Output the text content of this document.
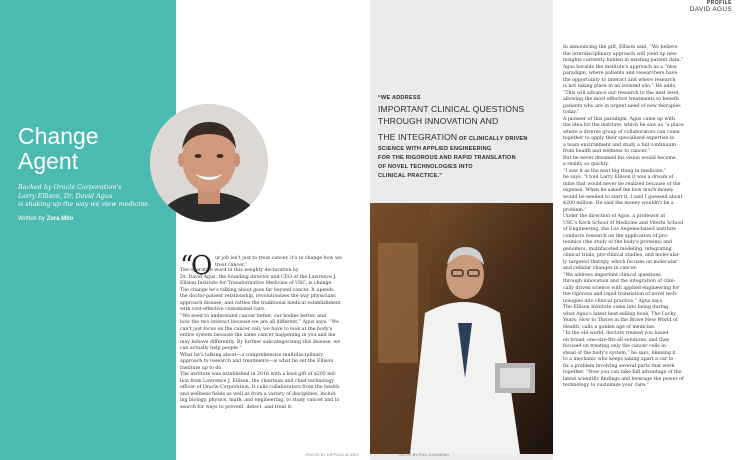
Change
Agent
Backed by Oracle Corporation's
Larry Ellison, Dr. David Agus
is shaking up the way we view medicine.
Written by Zora Milo
“
O ur job isn't just to treat cancer, it's to change how we
treat cancer.”
The operative word in this weighty declaration by
Dr. David Agus, the founding director and CEO of the Lawrence J.
Ellison Institute for Transformative Medicine of USC, is change.
The change he's talking about goes far beyond cancer. It upends
the doctor-patient relationship, revolutionizes the way physicians
approach disease, and rattles the traditional medical establishment
with cost-effective customized care.
“We need to understand cancer better, our bodies better, and
how the two interact because we are all different,” Agus says. “We
can't just focus on the cancer cell; we have to look at the body's
entire system because the same cancer happening in you and me
may behave differently. By further subcategorizing this disease, we
can actually help people.”
What he's talking about—a comprehensive multidisciplinary
approach to research and treatments—is what he set the Ellison
Institute up to do.
The institute was established in 2016 with a lead gift of $200 mil-
lion from Lawrence J. Ellison, the chairman and chief technology
officer of Oracle Corporation. It calls collaborators from the health
and wellness fields as well as from a variety of disciplines, includ-
ing biology, physics, math, and engineering, to study cancer and to
search for ways to prevent, detect, and treat it.
PHOTO BY DIPPOLD ALIOSY
“WE ADDRESS
IMPORTANT CLINICAL QUESTIONS
THROUGH INNOVATION AND
THE INTEGRATION OF CLINICALLY DRIVEN
SCIENCE WITH APPLIED ENGINEERING
FOR THE RIGOROUS AND RAPID TRANSLATION
OF NOVEL TECHNOLOGIES INTO
CLINICAL PRACTICE.”
PHOTO BY PHIL CHANNING
In announcing the gift, Ellison said, “We believe
the interdisciplinary approach will yield up new
insights currently hidden in existing patient data.”
Agus heralds the institute's approach as a “new
paradigm, where patients and researchers have
the opportunity to interact and where research
is not taking place in an isolated silo.” He adds,
“This will advance our research to the next level,
allowing the most effective treatments to benefit
patients who are in urgent need of new therapies
today.”
A pioneer of this paradigm, Agus came up with
the idea for the institute, which he saw as “a place
where a diverse group of collaborators can come
together to apply their specialized expertise in
a team environment and study a full continuum
from health and wellness to cancer.”
But he never dreamed his vision would become
a reality so quickly.
“I saw it as the next big thing in medicine,”
he says. “I told Larry Ellison it was a dream of
mine that would never be realized because of the
expense. When he asked me how much money
would be needed to start it, I said I guessed about
$200 million. He said the money wouldn't be a
problem.”
Under the direction of Agus, a professor at
USC's Keck School of Medicine and Viterbi School
of Engineering, the Los Angeles-based institute
conducts research on the application of pro-
teomics (the study of the body's proteins) and
genomics, multifaceted modeling, integrating
clinical trials, pre-clinical studies, and molecular-
ly targeted therapy, which focuses on molecular
and cellular changes in cancer.
“We address important clinical questions
through innovation and the integration of clini-
cally driven science with applied engineering for
the rigorous and rapid translation of novel tech-
nologies into clinical practice,” Agus says.
The Ellison Institute came into being during
what Agus's latest best-selling book, The Lucky
Years: How to Thrive in the Brave New World of
Health, calls a golden age of medicine.
“In the old world, doctors treated you based
on broad, one-size-fits-all solutions, and they
focused on treating only the cancer cells in-
stead of the body's system,” he says, likening it
to a mechanic who keeps taking apart a car to
fix a problem involving several parts that work
together. “Now you can take full advantage of the
latest scientific findings and leverage the power of
technology to customize your care.”
PROFILE
DAVID AGUS
